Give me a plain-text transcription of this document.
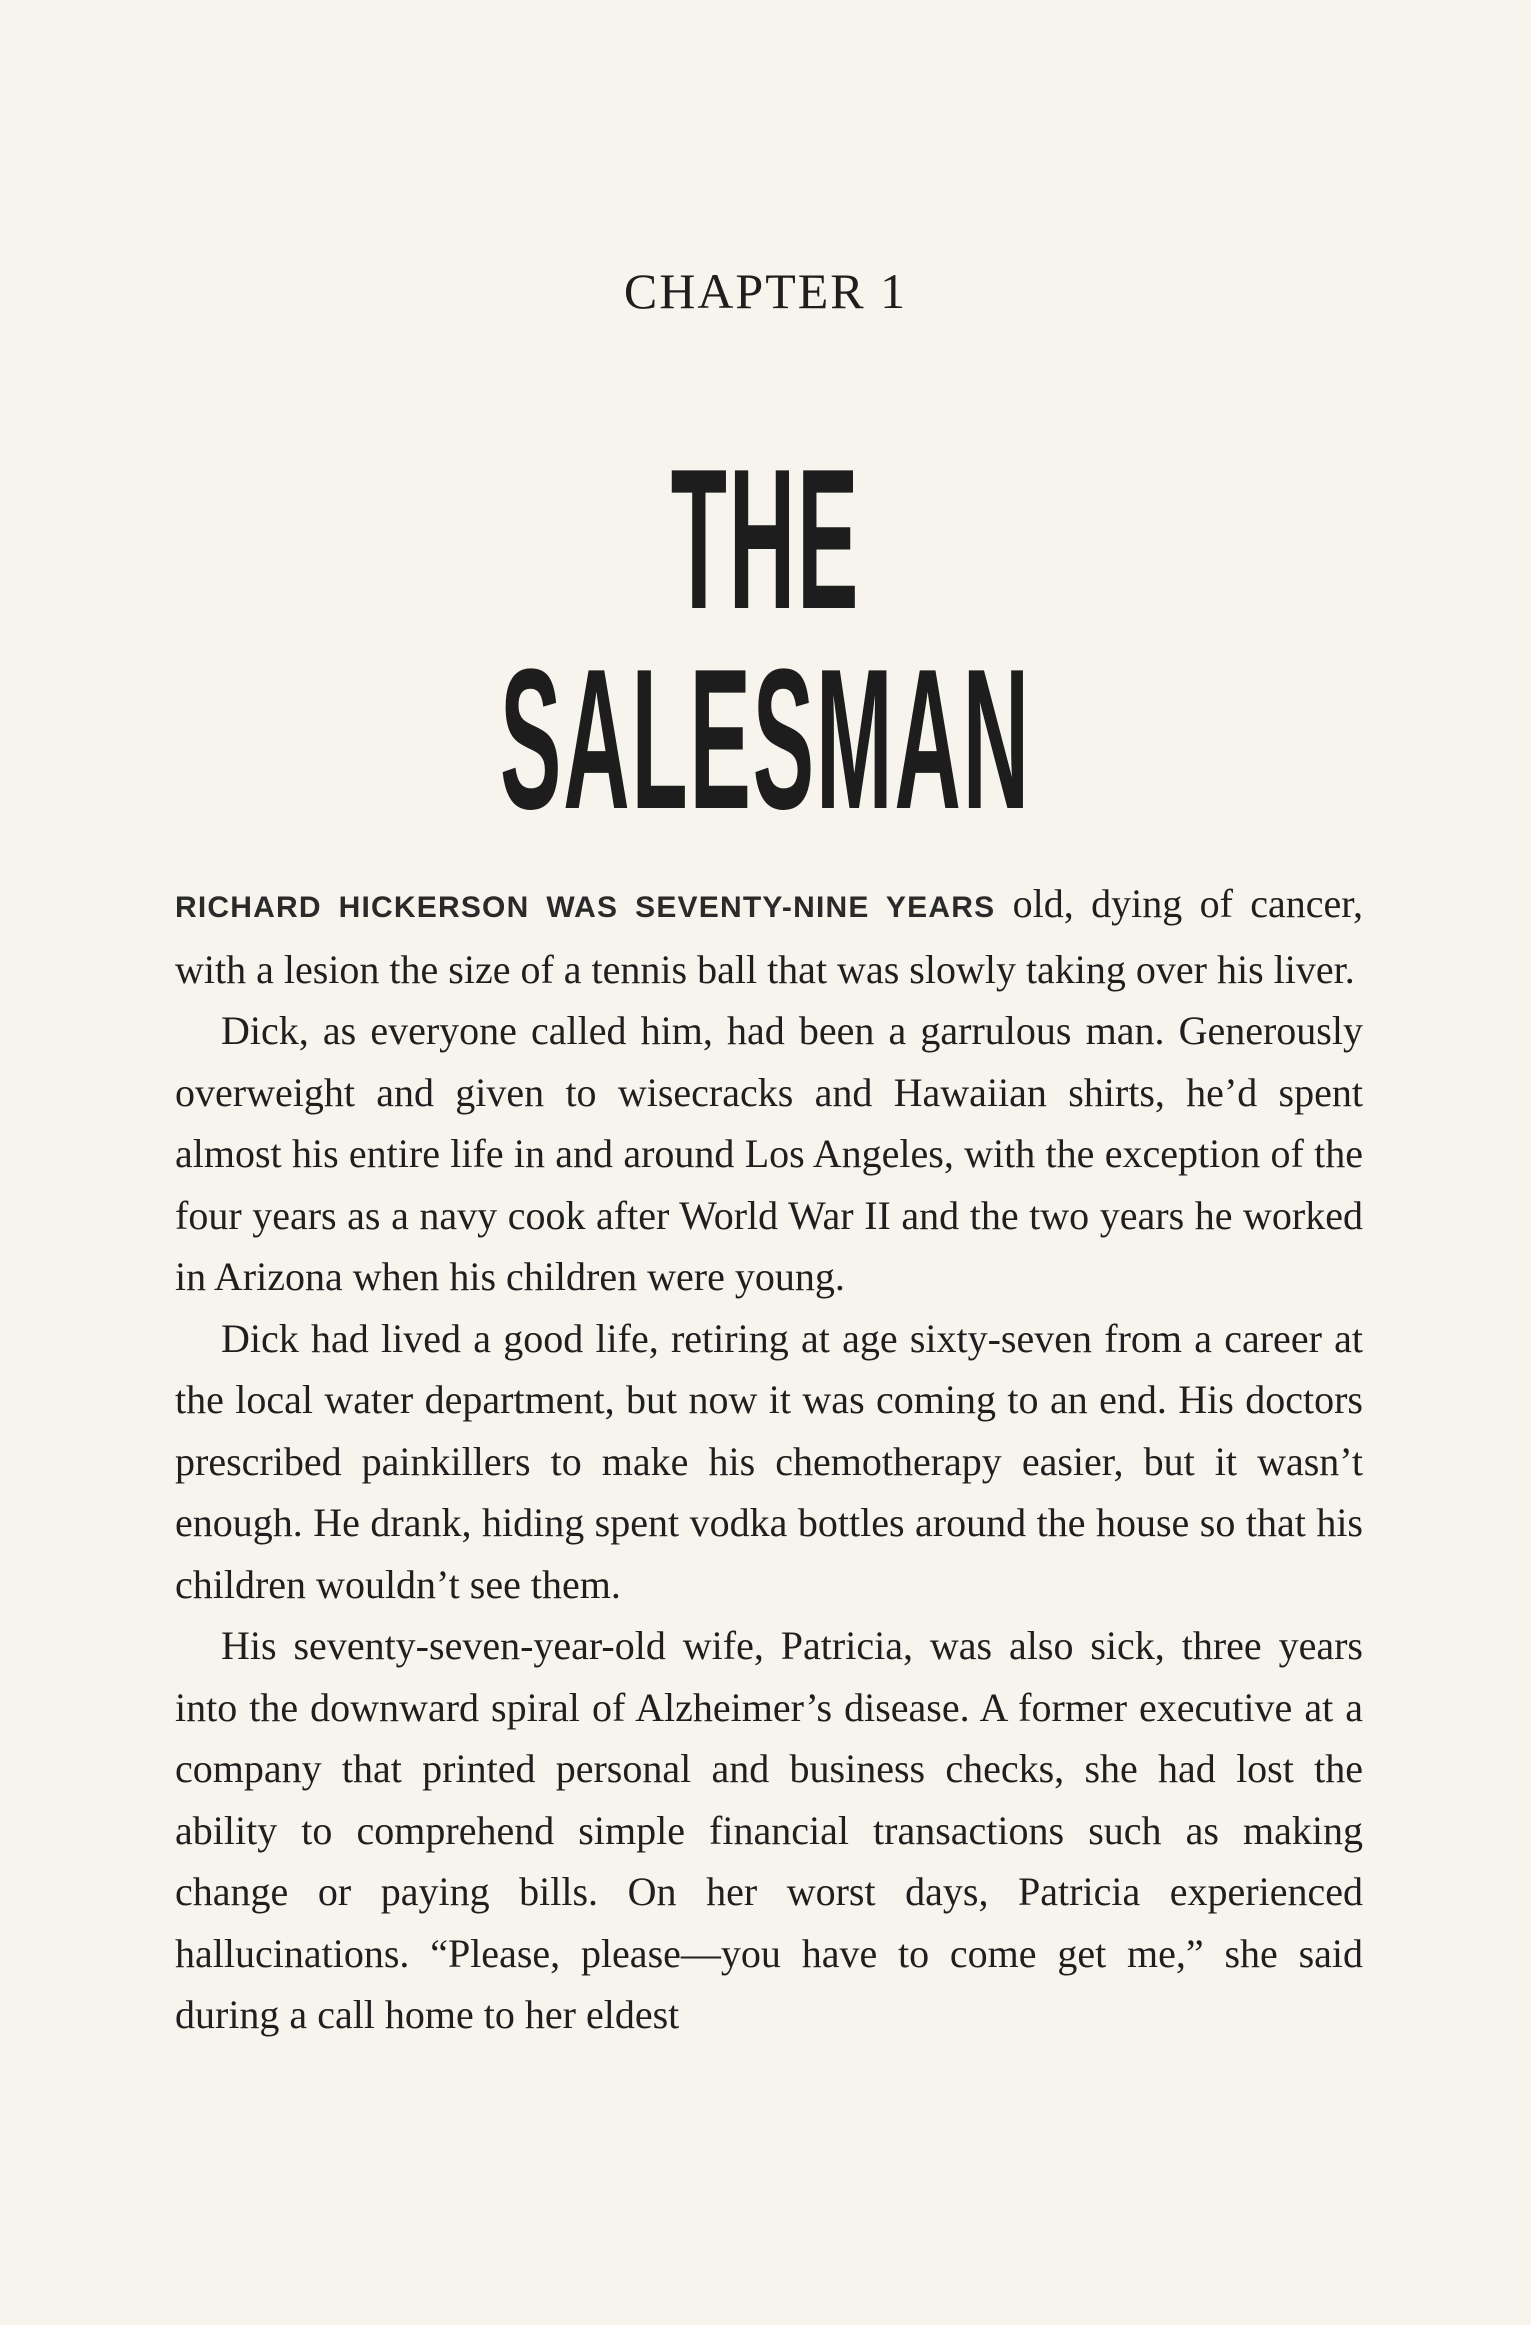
CHAPTER 1
THE SALESMAN

RICHARD HICKERSON WAS SEVENTY-NINE YEARS old, dying of cancer, with a lesion the size of a tennis ball that was slowly taking over his liver.

Dick, as everyone called him, had been a garrulous man. Generously overweight and given to wisecracks and Hawaiian shirts, he’d spent almost his entire life in and around Los Angeles, with the exception of the four years as a navy cook after World War II and the two years he worked in Arizona when his children were young.

Dick had lived a good life, retiring at age sixty-seven from a career at the local water department, but now it was coming to an end. His doctors prescribed painkillers to make his chemotherapy easier, but it wasn’t enough. He drank, hiding spent vodka bottles around the house so that his children wouldn’t see them.

His seventy-seven-year-old wife, Patricia, was also sick, three years into the downward spiral of Alzheimer’s disease. A former executive at a company that printed personal and business checks, she had lost the ability to comprehend simple financial transactions such as making change or paying bills. On her worst days, Patricia experienced hallucinations. “Please, please—you have to come get me,” she said during a call home to her eldest
